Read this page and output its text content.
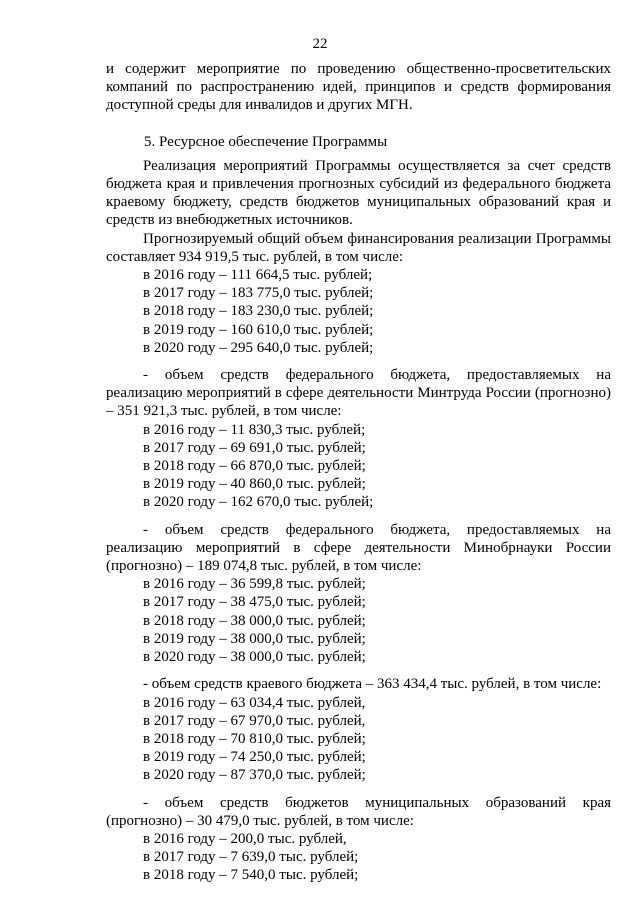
22

и содержит мероприятие по проведению общественно-просветительских компаний по распространению идей, принципов и средств формирования доступной среды для инвалидов и других МГН.

5. Ресурсное обеспечение Программы

Реализация мероприятий Программы осуществляется за счет средств бюджета края и привлечения прогнозных субсидий из федерального бюджета краевому бюджету, средств бюджетов муниципальных образований края и средств из внебюджетных источников.

Прогнозируемый общий объем финансирования реализации Программы составляет 934 919,5 тыс. рублей, в том числе:

в 2016 году – 111 664,5 тыс. рублей;

в 2017 году – 183 775,0 тыс. рублей;

в 2018 году – 183 230,0 тыс. рублей;

в 2019 году – 160 610,0 тыс. рублей;

в 2020 году – 295 640,0 тыс. рублей;

- объем средств федерального бюджета, предоставляемых на реализацию мероприятий в сфере деятельности Минтруда России (прогнозно) – 351 921,3 тыс. рублей, в том числе:

в 2016 году – 11 830,3 тыс. рублей;

в 2017 году – 69 691,0 тыс. рублей;

в 2018 году – 66 870,0 тыс. рублей;

в 2019 году – 40 860,0 тыс. рублей;

в 2020 году – 162 670,0 тыс. рублей;

- объем средств федерального бюджета, предоставляемых на реализацию мероприятий в сфере деятельности Минобрнауки России (прогнозно) – 189 074,8 тыс. рублей, в том числе:

в 2016 году – 36 599,8 тыс. рублей;

в 2017 году – 38 475,0 тыс. рублей;

в 2018 году – 38 000,0 тыс. рублей;

в 2019 году – 38 000,0 тыс. рублей;

в 2020 году – 38 000,0 тыс. рублей;

- объем средств краевого бюджета – 363 434,4 тыс. рублей, в том числе:

в 2016 году – 63 034,4 тыс. рублей,

в 2017 году – 67 970,0 тыс. рублей,

в 2018 году – 70 810,0 тыс. рублей;

в 2019 году – 74 250,0 тыс. рублей;

в 2020 году – 87 370,0 тыс. рублей;

- объем средств бюджетов муниципальных образований края (прогнозно) – 30 479,0 тыс. рублей, в том числе:

в 2016 году – 200,0 тыс. рублей,

в 2017 году – 7 639,0 тыс. рублей;

в 2018 году – 7 540,0 тыс. рублей;
